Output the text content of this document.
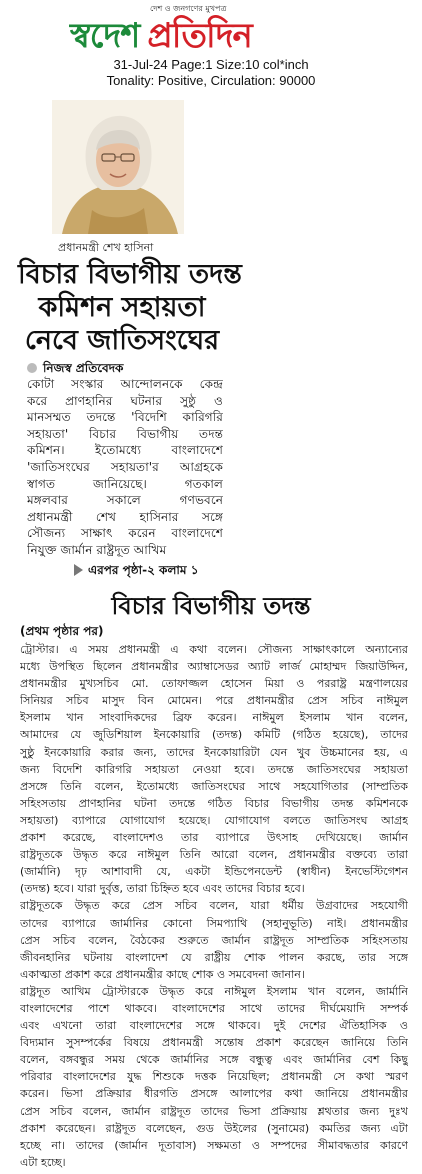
দেশ ও জনগণের মুখপত্র
স্বদেশ প্রতিদিন
31-Jul-24 Page:1 Size:10 col*inch
Tonality: Positive, Circulation: 90000
প্রধানমন্ত্রী শেখ হাসিনা
বিচার বিভাগীয় তদন্ত
কমিশন সহায়তা
নেবে জাতিসংঘের
নিজস্ব প্রতিবেদক
কোটা সংস্কার আন্দোলনকে কেন্দ্র
করে প্রাণহানির ঘটনার সুষ্ঠু ও
মানসম্মত তদন্তে 'বিদেশি কারিগরি
সহায়তা' বিচার বিভাগীয় তদন্ত
কমিশন। ইতোমধ্যে বাংলাদেশে
'জাতিসংঘের সহায়তা'র আগ্রহকে
স্বাগত জানিয়েছে। গতকাল
মঙ্গলবার সকালে গণভবনে
প্রধানমন্ত্রী শেখ হাসিনার সঙ্গে
সৌজন্য সাক্ষাৎ করেন বাংলাদেশে
নিযুক্ত জার্মান রাষ্ট্রদূত আখিম
এরপর পৃষ্ঠা-২ কলাম ১
বিচার বিভাগীয় তদন্ত
(প্রথম পৃষ্ঠার পর)
ট্রোস্টার। এ সময় প্রধানমন্ত্রী এ কথা বলেন। সৌজন্য সাক্ষাৎকালে অন্যান্যের
মধ্যে উপস্থিত ছিলেন প্রধানমন্ত্রীর অ্যাম্বাসেডর অ্যাট লার্জ মোহাম্মদ জিয়াউদ্দিন,
প্রধানমন্ত্রীর মুখ্যসচিব মো. তোফাজ্জল হোসেন মিয়া ও পররাষ্ট্র মন্ত্রণালয়ের
সিনিয়র সচিব মাসুদ বিন মোমেন। পরে প্রধানমন্ত্রীর প্রেস সচিব নাঈমুল
ইসলাম খান সাংবাদিকদের ব্রিফ করেন। নাঈমুল ইসলাম খান বলেন,
আমাদের যে জুডিশিয়াল ইনকোয়ারি (তদন্ত) কমিটি (গঠিত হয়েছে), তাদের
সুষ্ঠু ইনকোয়ারি করার জন্য, তাদের ইনকোয়ারিটা যেন খুব উচ্চমানের হয়, এ
জন্য বিদেশি কারিগরি সহায়তা নেওয়া হবে। তদন্তে জাতিসংঘের সহায়তা
প্রসঙ্গে তিনি বলেন, ইতোমধ্যে জাতিসংঘের সাথে সহযোগিতার (সাম্প্রতিক
সহিংসতায় প্রাণহানির ঘটনা তদন্তে গঠিত বিচার বিভাগীয় তদন্ত কমিশনকে
সহায়তা) ব্যাপারে যোগাযোগ হয়েছে। যোগাযোগ বলতে জাতিসংঘ আগ্রহ
প্রকাশ করেছে, বাংলাদেশও তার ব্যাপারে উৎসাহ দেখিয়েছে। জার্মান
রাষ্ট্রদূতকে উদ্ধৃত করে নাঈমুল তিনি আরো বলেন, প্রধানমন্ত্রীর বক্তব্যে তারা
(জার্মানি) দৃঢ় আশাবাদী যে, একটা ইন্ডিপেনডেন্ট (স্বাধীন) ইনভেস্টিগেশন
(তদন্ত) হবে। যারা দুর্বৃত্ত, তারা চিহ্নিত হবে এবং তাদের বিচার হবে।
রাষ্ট্রদূতকে উদ্ধৃত করে প্রেস সচিব বলেন, যারা ধর্মীয় উগ্রবাদের সহযোগী
তাদের ব্যাপারে জার্মানির কোনো সিমপ্যাথি (সহানুভূতি) নাই। প্রধানমন্ত্রীর
প্রেস সচিব বলেন, বৈঠকের শুরুতে জার্মান রাষ্ট্রদূত সাম্প্রতিক সহিংসতায়
জীবনহানির ঘটনায় বাংলাদেশ যে রাষ্ট্রীয় শোক পালন করছে, তার সঙ্গে
একাত্মতা প্রকাশ করে প্রধানমন্ত্রীর কাছে শোক ও সমবেদনা জানান।
রাষ্ট্রদূত আখিম ট্রোস্টারকে উদ্ধৃত করে নাঈমুল ইসলাম খান বলেন, জার্মানি
বাংলাদেশের পাশে থাকবে। বাংলাদেশের সাথে তাদের দীর্ঘমেয়াদি সম্পর্ক
এবং এখনো তারা বাংলাদেশের সঙ্গে থাকবে। দুই দেশের ঐতিহাসিক ও
বিদ্যমান সুসম্পর্কের বিষয়ে প্রধানমন্ত্রী সন্তোষ প্রকাশ করেছেন জানিয়ে তিনি
বলেন, বঙ্গবন্ধুর সময় থেকে জার্মানির সঙ্গে বন্ধুত্ব এবং জার্মানির বেশ কিছু
পরিবার বাংলাদেশের যুদ্ধ শিশুকে দত্তক নিয়েছিল; প্রধানমন্ত্রী সে কথা স্মরণ
করেন। ভিসা প্রক্রিয়ার ধীরগতি প্রসঙ্গে আলাপের কথা জানিয়ে প্রধানমন্ত্রীর
প্রেস সচিব বলেন, জার্মান রাষ্ট্রদূত তাদের ভিসা প্রক্রিয়ায় শ্লথতার জন্য দুঃখ
প্রকাশ করেছেন। রাষ্ট্রদূত বলেছেন, গুড উইলের (সুনামের) কমতির জন্য এটা
হচ্ছে না। তাদের (জার্মান দূতাবাস) সক্ষমতা ও সম্পদের সীমাবদ্ধতার কারণে
এটা হচ্ছে।
